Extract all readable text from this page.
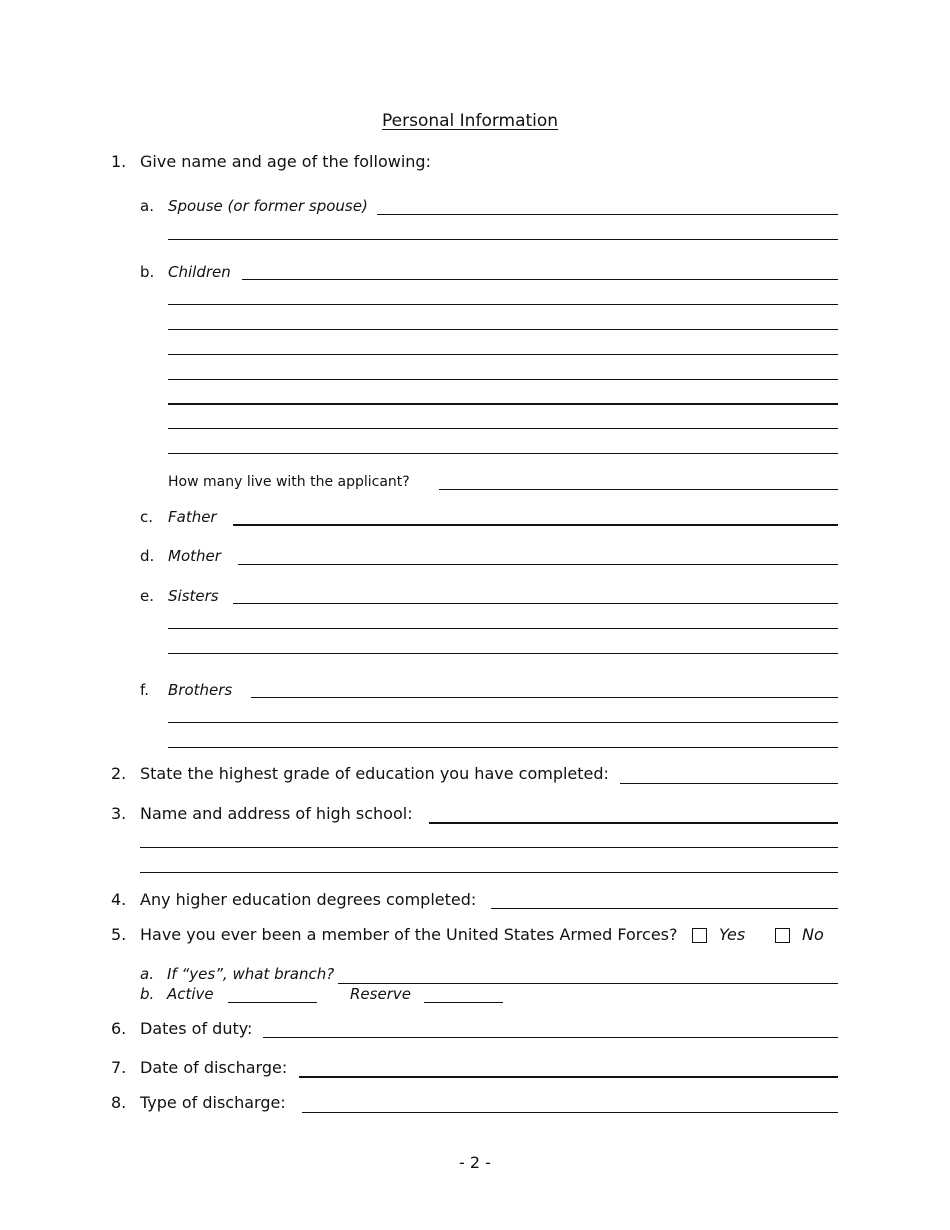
Personal Information
1. Give name and age of the following:
a. Spouse (or former spouse)
b. Children
How many live with the applicant?
c. Father
d. Mother
e. Sisters
f. Brothers
2. State the highest grade of education you have completed:
3. Name and address of high school:
4. Any higher education degrees completed:
5. Have you ever been a member of the United States Armed Forces?	Yes	No
a. If “yes”, what branch?
b. Active	Reserve
6. Dates of duty:
7. Date of discharge:
8. Type of discharge:
- 2 -
